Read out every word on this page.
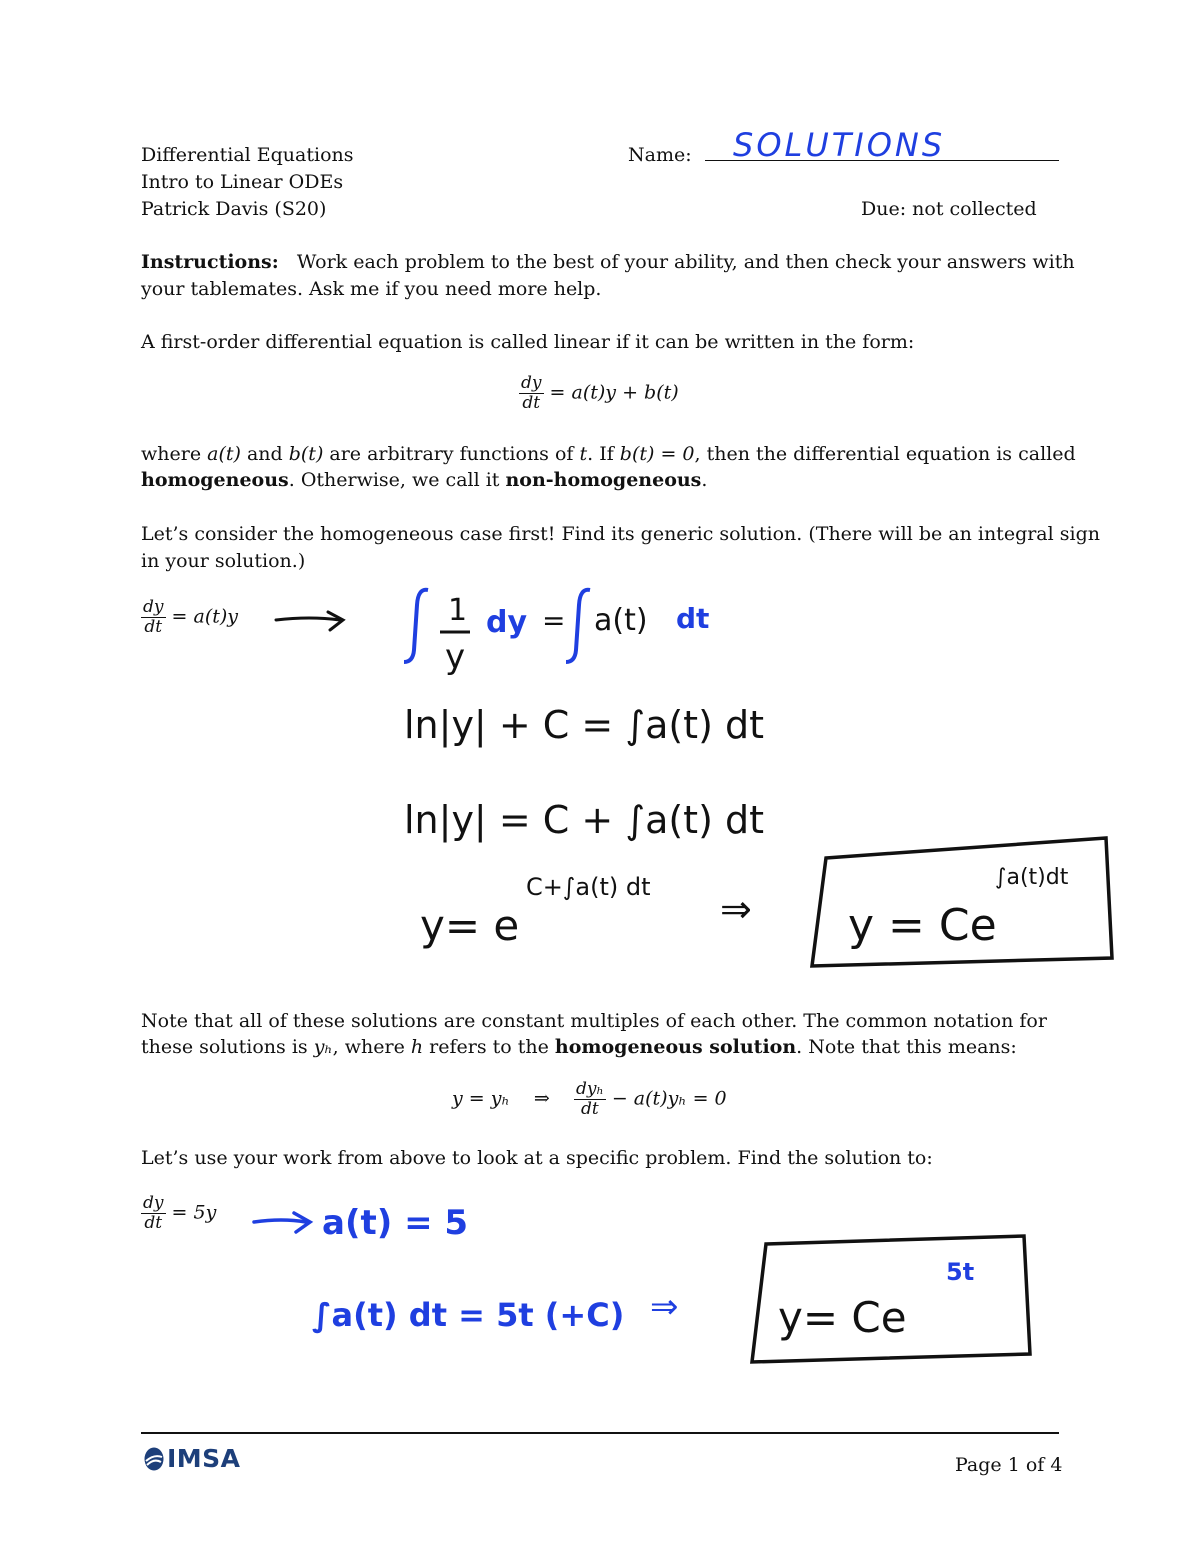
Differential Equations
Intro to Linear ODEs
Patrick Davis (S20)
Name: SOLUTIONS
Due: not collected
Instructions: Work each problem to the best of your ability, and then check your answers with
your tablemates. Ask me if you need more help.
A first-order differential equation is called linear if it can be written in the form:
$\frac{dy}{dt} = a(t)y + b(t)$
where a(t) and b(t) are arbitrary functions of t. If b(t) = 0, then the differential equation is called
homogeneous. Otherwise, we call it non-homogeneous.
Let’s consider the homogeneous case first! Find its generic solution. (There will be an integral sign
in your solution.)
$\frac{dy}{dt} = a(t)y$	1
y
dy = a(t) dt
ln|y| + C = ∫a(t) dt
ln|y| = C + ∫a(t) dt
y= e
C+∫a(t) dt ⇒ y = Ce
∫a(t)dt
a(t) = 5
∫a(t) dt = 5t (+C) ⇒ y= Ce
5t
Note that all of these solutions are constant multiples of each other. The common notation for
these solutions is yₕ, where h refers to the homogeneous solution. Note that this means:
y = yₕ ⇒ $\frac{\text{dyₕ}}{dt} - a(t)y_h = 0$
Let’s use your work from above to look at a specific problem. Find the solution to:
$\frac{dy}{dt} = 5y$
IMSA	Page 1 of 4
